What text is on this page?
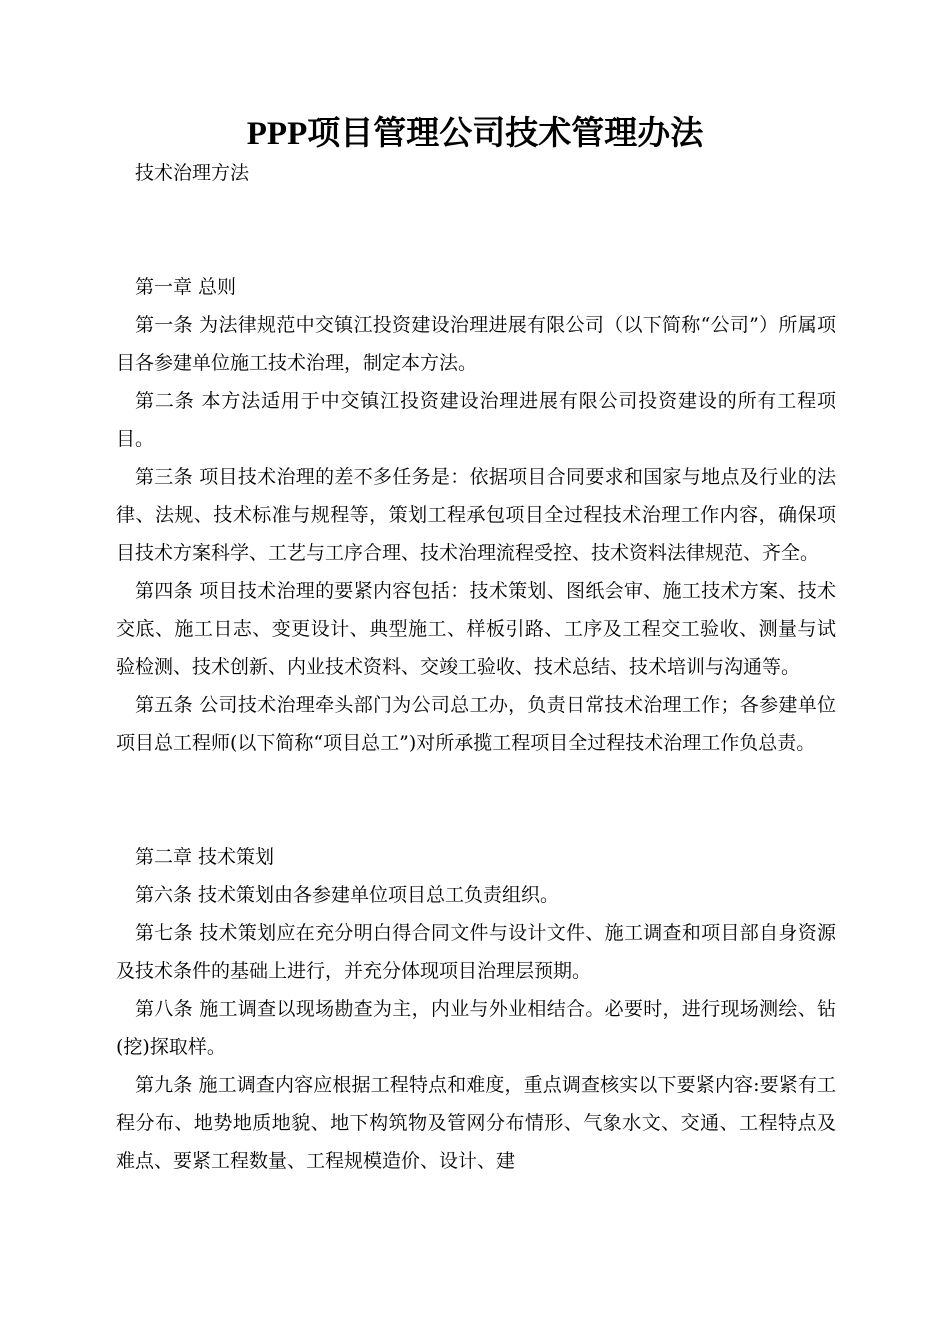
PPP项目管理公司技术管理办法

技术治理方法

第一章 总则

第一条 为法律规范中交镇江投资建设治理进展有限公司（以下简称“公司”）所属项目各参建单位施工技术治理，制定本方法。

第二条 本方法适用于中交镇江投资建设治理进展有限公司投资建设的所有工程项目。

第三条 项目技术治理的差不多任务是：依据项目合同要求和国家与地点及行业的法律、法规、技术标准与规程等，策划工程承包项目全过程技术治理工作内容，确保项目技术方案科学、工艺与工序合理、技术治理流程受控、技术资料法律规范、齐全。

第四条 项目技术治理的要紧内容包括：技术策划、图纸会审、施工技术方案、技术交底、施工日志、变更设计、典型施工、样板引路、工序及工程交工验收、测量与试验检测、技术创新、内业技术资料、交竣工验收、技术总结、技术培训与沟通等。

第五条 公司技术治理牵头部门为公司总工办，负责日常技术治理工作；各参建单位项目总工程师(以下简称“项目总工”)对所承揽工程项目全过程技术治理工作负总责。

第二章 技术策划

第六条 技术策划由各参建单位项目总工负责组织。

第七条 技术策划应在充分明白得合同文件与设计文件、施工调查和项目部自身资源及技术条件的基础上进行，并充分体现项目治理层预期。

第八条 施工调查以现场勘查为主，内业与外业相结合。必要时，进行现场测绘、钻(挖)探取样。

第九条 施工调查内容应根据工程特点和难度，重点调查核实以下要紧内容:要紧有工程分布、地势地质地貌、地下构筑物及管网分布情形、气象水文、交通、工程特点及难点、要紧工程数量、工程规模造价、设计、建
